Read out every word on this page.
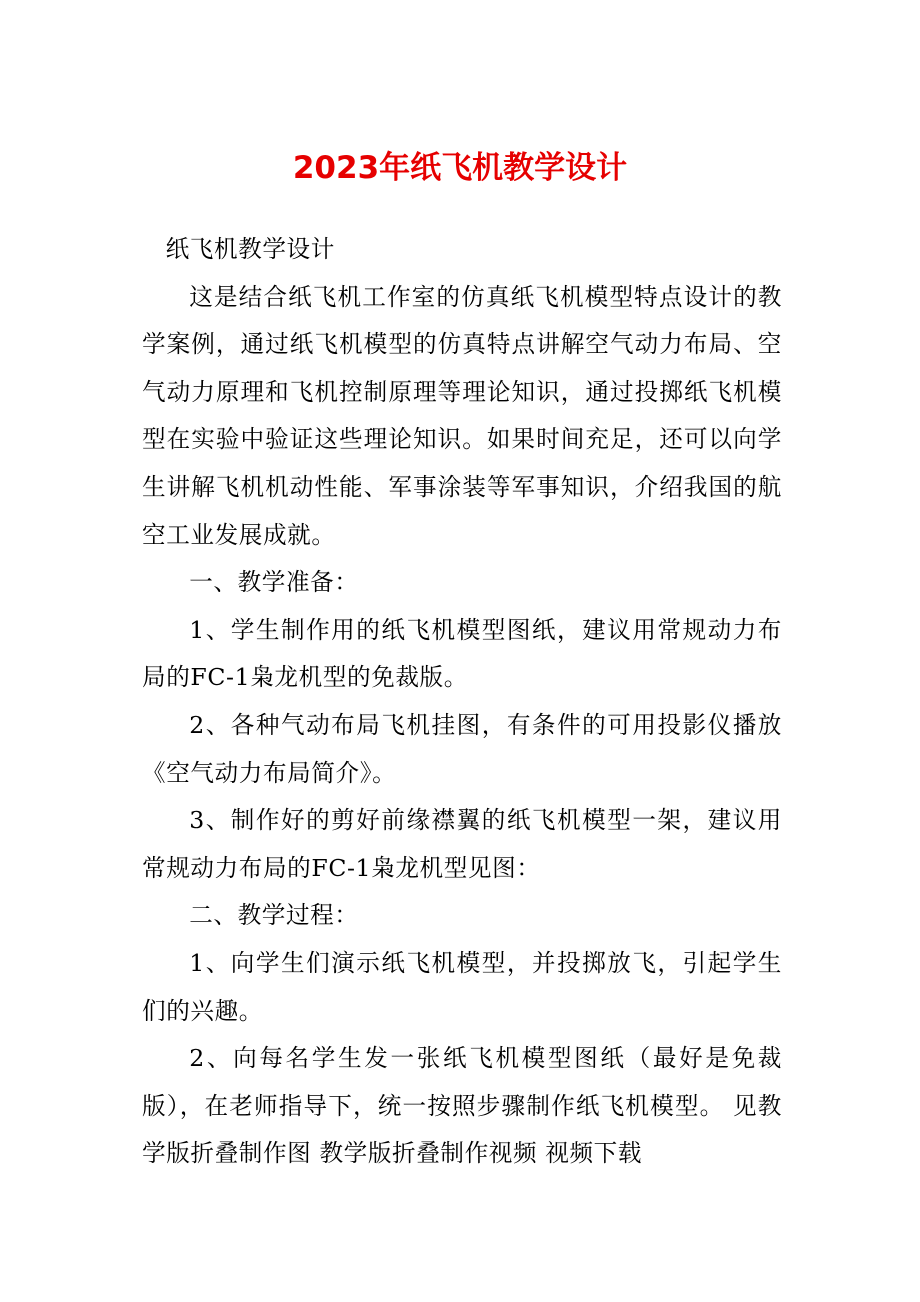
2023年纸飞机教学设计

纸飞机教学设计

这是结合纸飞机工作室的仿真纸飞机模型特点设计的教学案例，通过纸飞机模型的仿真特点讲解空气动力布局、空气动力原理和飞机控制原理等理论知识，通过投掷纸飞机模型在实验中验证这些理论知识。如果时间充足，还可以向学生讲解飞机机动性能、军事涂装等军事知识，介绍我国的航空工业发展成就。

一、教学准备：

1、学生制作用的纸飞机模型图纸，建议用常规动力布局的FC-1枭龙机型的免裁版。

2、各种气动布局飞机挂图，有条件的可用投影仪播放《空气动力布局简介》。

3、制作好的剪好前缘襟翼的纸飞机模型一架，建议用常规动力布局的FC-1枭龙机型见图：

二、教学过程：

1、向学生们演示纸飞机模型，并投掷放飞，引起学生们的兴趣。

2、向每名学生发一张纸飞机模型图纸（最好是免裁版），在老师指导下，统一按照步骤制作纸飞机模型。 见教学版折叠制作图 教学版折叠制作视频 视频下载
